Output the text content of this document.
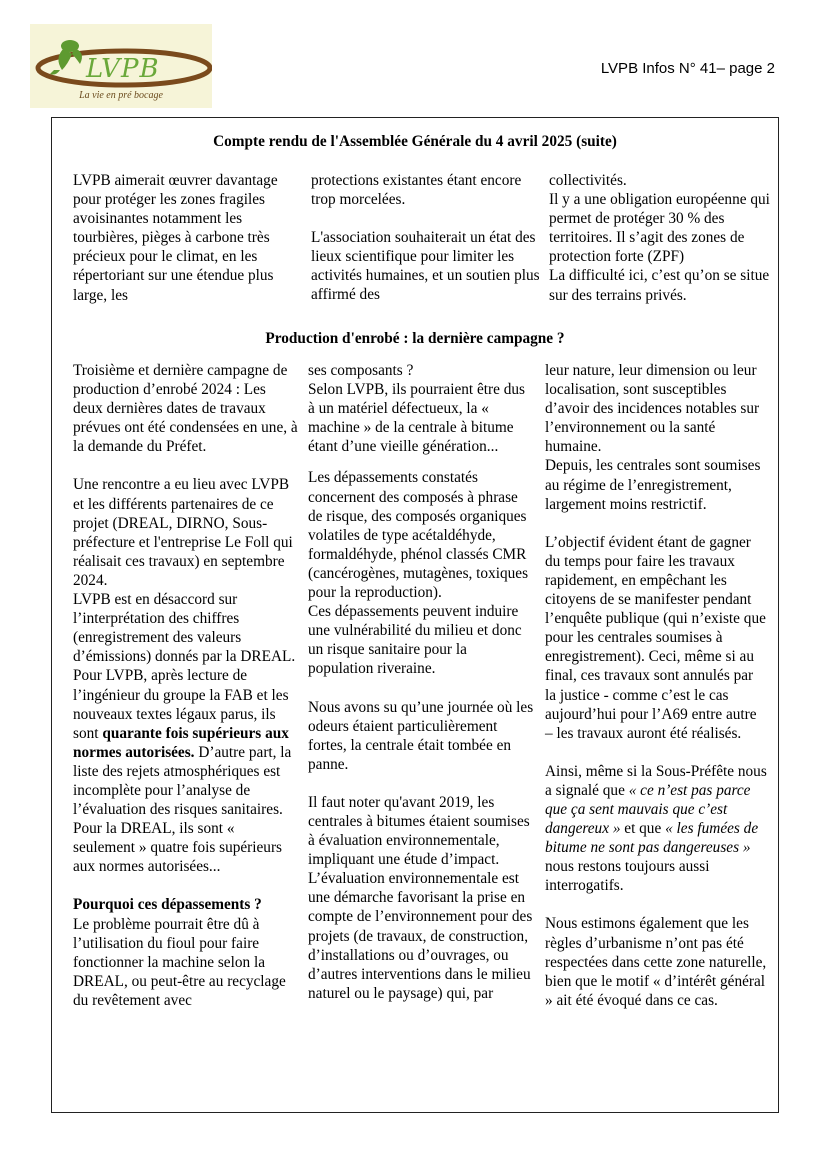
LVPB
La vie en pré bocage
LVPB Infos N° 41– page 2
Compte rendu de l'Assemblée Générale du 4 avril 2025 (suite)

LVPB aimerait œuvrer davantage pour protéger les zones fragiles avoisinantes notamment les tourbières, pièges à carbone très précieux pour le climat, en les répertoriant sur une étendue plus large, les

protections existantes étant encore trop morcelées.

L'association souhaiterait un état des lieux scientifique pour limiter les activités humaines, et un soutien plus affirmé des

collectivités.

Il y a une obligation européenne qui permet de protéger 30 % des territoires. Il s’agit des zones de protection forte (ZPF)

La difficulté ici, c’est qu’on se situe sur des terrains privés.

Production d'enrobé : la dernière campagne ?

Troisième et dernière campagne de production d’enrobé 2024 : Les deux dernières dates de travaux prévues ont été condensées en une, à la demande du Préfet.

Une rencontre a eu lieu avec LVPB et les différents partenaires de ce projet (DREAL, DIRNO, Sous-préfecture et l'entreprise Le Foll qui réalisait ces travaux) en septembre 2024.

LVPB est en désaccord sur l’interprétation des chiffres (enregistrement des valeurs d’émissions) donnés par la DREAL.

Pour LVPB, après lecture de l’ingénieur du groupe la FAB et les nouveaux textes légaux parus, ils sont quarante fois supérieurs aux normes autorisées. D’autre part, la liste des rejets atmosphériques est incomplète pour l’analyse de l’évaluation des risques sanitaires. Pour la DREAL, ils sont « seulement » quatre fois supérieurs aux normes autorisées...

Pourquoi ces dépassements ?

Le problème pourrait être dû à l’utilisation du fioul pour faire fonctionner la machine selon la DREAL, ou peut-être au recyclage du revêtement avec

ses composants ?

Selon LVPB, ils pourraient être dus à un matériel défectueux, la « machine » de la centrale à bitume étant d’une vieille génération...

Les dépassements constatés concernent des composés à phrase de risque, des composés organiques volatiles de type acétaldéhyde, formaldéhyde, phénol classés CMR (cancérogènes, mutagènes, toxiques pour la reproduction).

Ces dépassements peuvent induire une vulnérabilité du milieu et donc un risque sanitaire pour la population riveraine.

Nous avons su qu’une journée où les odeurs étaient particulièrement fortes, la centrale était tombée en panne.

Il faut noter qu'avant 2019, les centrales à bitumes étaient soumises à évaluation environnementale, impliquant une étude d’impact.

L’évaluation environnementale est une démarche favorisant la prise en compte de l’environnement pour des projets (de travaux, de construction, d’installations ou d’ouvrages, ou d’autres interventions dans le milieu naturel ou le paysage) qui, par

leur nature, leur dimension ou leur localisation, sont susceptibles d’avoir des incidences notables sur l’environnement ou la santé humaine.

Depuis, les centrales sont soumises au régime de l’enregistrement, largement moins restrictif.

L’objectif évident étant de gagner du temps pour faire les travaux rapidement, en empêchant les citoyens de se manifester pendant l’enquête publique (qui n’existe que pour les centrales soumises à enregistrement). Ceci, même si au final, ces travaux sont annulés par la justice - comme c’est le cas aujourd’hui pour l’A69 entre autre – les travaux auront été réalisés.

Ainsi, même si la Sous-Préfête nous a signalé que « ce n’est pas parce que ça sent mauvais que c’est dangereux » et que « les fumées de bitume ne sont pas dangereuses » nous restons toujours aussi interrogatifs.

Nous estimons également que les règles d’urbanisme n’ont pas été respectées dans cette zone naturelle, bien que le motif « d’intérêt général » ait été évoqué dans ce cas.
